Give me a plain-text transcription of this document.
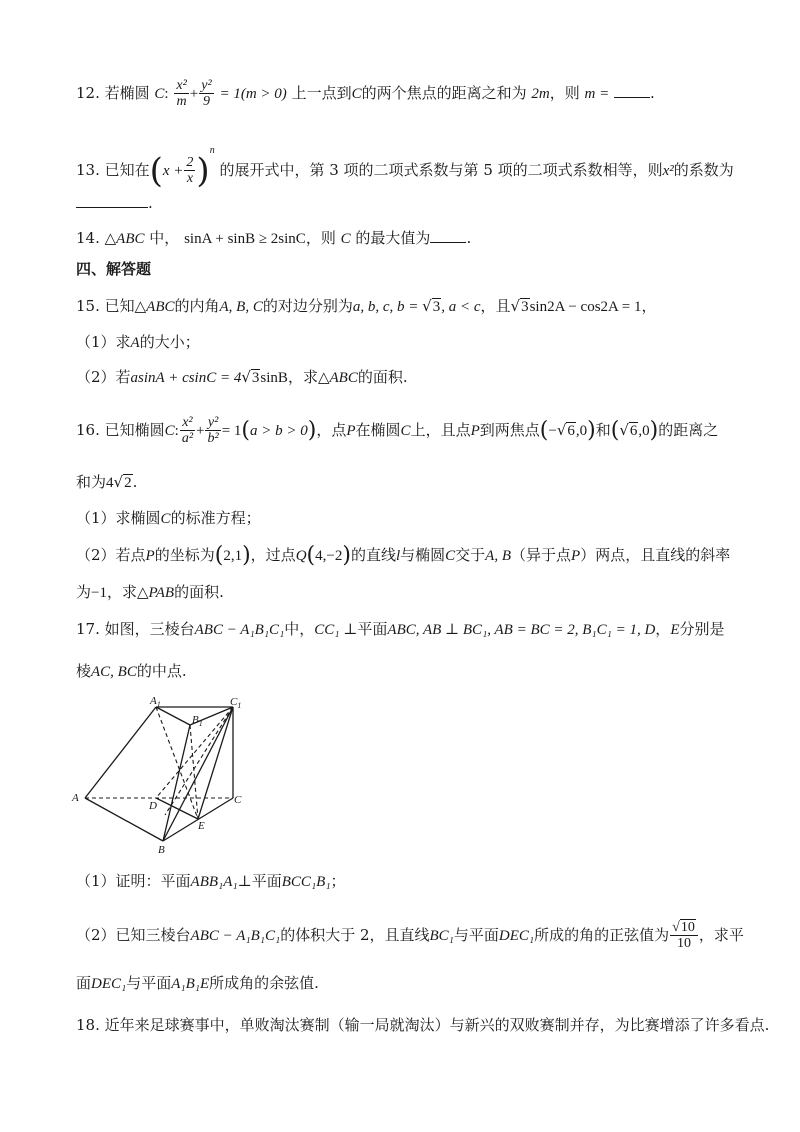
12. 若椭圆 C: $\frac{\text{x²}}{m} + \frac{\text{y²}}{9} = 1(m > 0)$ 上一点到C的两个焦点的距离之和为 2m，则 m =	.
13. 已知在$(x + \frac{2}{x} )^n$ 的展开式中，第 3 项的二项式系数与第 5 项的二项式系数相等，则x²的系数为
.
14. △ABC 中， sinA + sinB ≥ 2sinC，则 C 的最大值为 .
四、解答题
15. 已知△ABC的内角A, B, C的对边分别为a, b, c, b = √3, a < c，且√3sin2A − cos2A = 1，
（1）求A的大小；
（2）若asinA + csinC = 4√3sinB，求△ABC的面积.
16. 已知椭圆C: $\frac{\text{x²}}{\text{a²}} + \frac{\text{y²}}{\text{b²}} = 1(a > b > 0)$，点P在椭圆C上，且点P到两焦点(−√6,0)和(√6,0)的距离之
和为4√2.
（1）求椭圆C的标准方程；
（2）若点P的坐标为(2,1)，过点Q(4,−2)的直线l与椭圆C交于A, B（异于点P）两点，且直线的斜率
为−1，求△PAB的面积.
17. 如图，三棱台ABC − A₁B₁C₁中，CC₁ ⊥平面ABC, AB ⊥ BC₁, AB = BC = 2, B₁C₁ = 1, D，E分别是
棱AC, BC的中点.
$A_1$
$B_1$
$C_1$
A
B
C
D
E
（1）证明：平面ABB₁A₁⊥平面BCC₁B₁；
（2）已知三棱台ABC − A₁B₁C₁的体积大于 2，且直线BC₁与平面DEC₁所成的角的正弦值为 $\frac{√10}{10}$ ，求平
面DEC₁与平面A₁B₁E所成角的余弦值.
18. 近年来足球赛事中，单败淘汰赛制（输一局就淘汰）与新兴的双败赛制并存，为比赛增添了许多看点.
